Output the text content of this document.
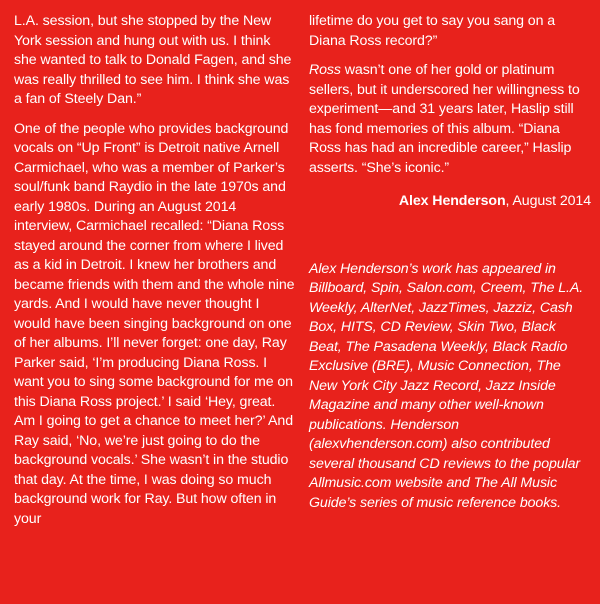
L.A. session, but she stopped by the New York session and hung out with us. I think she wanted to talk to Donald Fagen, and she was really thrilled to see him. I think she was a fan of Steely Dan.”

One of the people who provides background vocals on “Up Front” is Detroit native Arnell Carmichael, who was a member of Parker’s soul/funk band Raydio in the late 1970s and early 1980s. During an August 2014 interview, Carmichael recalled: “Diana Ross stayed around the corner from where I lived as a kid in Detroit. I knew her brothers and became friends with them and the whole nine yards. And I would have never thought I would have been singing background on one of her albums. I’ll never forget: one day, Ray Parker said, ‘I’m producing Diana Ross. I want you to sing some background for me on this Diana Ross project.’ I said ‘Hey, great. Am I going to get a chance to meet her?’ And Ray said, ‘No, we’re just going to do the background vocals.’ She wasn’t in the studio that day. At the time, I was doing so much background work for Ray. But how often in your

lifetime do you get to say you sang on a Diana Ross record?”

Ross wasn’t one of her gold or platinum sellers, but it underscored her willingness to experiment—and 31 years later, Haslip still has fond memories of this album. “Diana Ross has had an incredible career,” Haslip asserts. “She’s iconic.”

Alex Henderson, August 2014

Alex Henderson’s work has appeared in Billboard, Spin, Salon.com, Creem, The L.A. Weekly, AlterNet, JazzTimes, Jazziz, Cash Box, HITS, CD Review, Skin Two, Black Beat, The Pasadena Weekly, Black Radio Exclusive (BRE), Music Connection, The New York City Jazz Record, Jazz Inside Magazine and many other well-known publications. Henderson (alexvhenderson.com) also contributed several thousand CD reviews to the popular Allmusic.com website and The All Music Guide’s series of music reference books.
